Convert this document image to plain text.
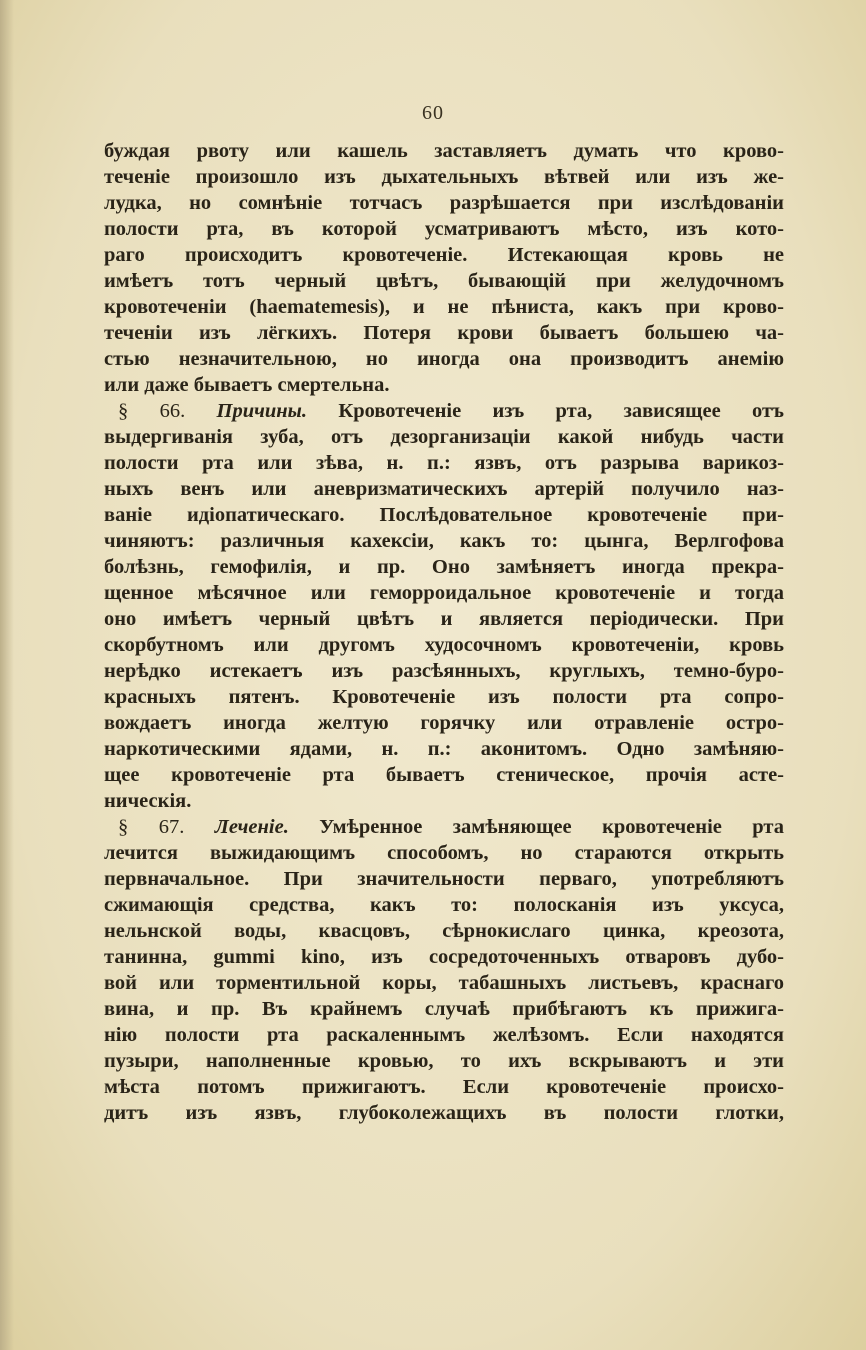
60
буждая рвоту или кашель заставляетъ думать что крово-
теченіе произошло изъ дыхательныхъ вѣтвей или изъ же-
лудка, но сомнѣніе тотчасъ разрѣшается при изслѣдованіи
полости рта, въ которой усматриваютъ мѣсто, изъ кото-
раго происходитъ кровотеченіе. Истекающая кровь не
имѣетъ тотъ черный цвѣтъ, бывающій при желудочномъ
кровотеченіи (haematemesis), и не пѣниста, какъ при крово-
теченіи изъ лёгкихъ. Потеря крови бываетъ большею ча-
стью незначительною, но иногда она производитъ анемію
или даже бываетъ смертельна.
§ 66. Причины. Кровотеченіе изъ рта, зависящее отъ
выдергиванія зуба, отъ дезорганизаціи какой нибудь части
полости рта или зѣва, н. п.: язвъ, отъ разрыва варикоз-
ныхъ венъ или аневризматическихъ артерій получило наз-
ваніе идіопатическаго. Послѣдовательное кровотеченіе при-
чиняютъ: различныя кахексіи, какъ то: цынга, Верлгофова
болѣзнь, гемофилія, и пр. Оно замѣняетъ иногда прекра-
щенное мѣсячное или геморроидальное кровотеченіе и тогда
оно имѣетъ черный цвѣтъ и является періодически. При
скорбутномъ или другомъ худосочномъ кровотеченіи, кровь
нерѣдко истекаетъ изъ разсѣянныхъ, круглыхъ, темно-буро-
красныхъ пятенъ. Кровотеченіе изъ полости рта сопро-
вождаетъ иногда желтую горячку или отравленіе остро-
наркотическими ядами, н. п.: аконитомъ. Одно замѣняю-
щее кровотеченіе рта бываетъ стеническое, прочія асте-
ническія.
§ 67. Леченіе. Умѣренное замѣняющее кровотеченіе рта
лечится выжидающимъ способомъ, но стараются открыть
первначальное. При значительности перваго, употребляютъ
сжимающія средства, какъ то: полосканія изъ уксуса,
нельнской воды, квасцовъ, сѣрнокислаго цинка, креозота,
танинна, gummi kino, изъ сосредоточенныхъ отваровъ дубо-
вой или торментильной коры, табашныхъ листьевъ, краснаго
вина, и пр. Въ крайнемъ случаѣ прибѣгаютъ къ прижига-
нію полости рта раскаленнымъ желѣзомъ. Если находятся
пузыри, наполненные кровью, то ихъ вскрываютъ и эти
мѣста потомъ прижигаютъ. Если кровотеченіе происхо-
дитъ изъ язвъ, глубоколежащихъ въ полости глотки,
